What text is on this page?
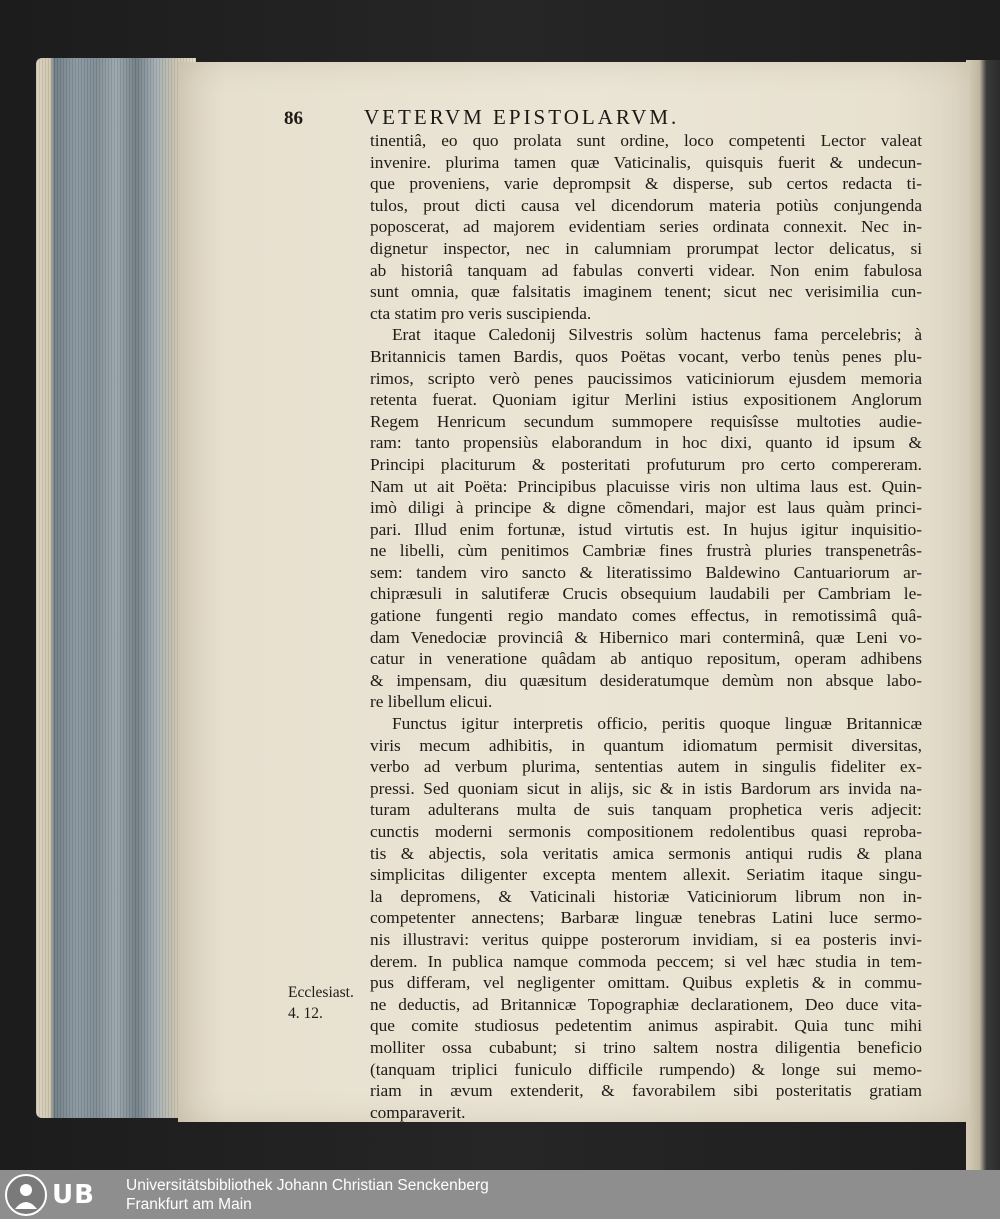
86	VETERVM EPISTOLARVM.
tinentiâ, eo quo prolata sunt ordine, loco competenti Lector valeat
invenire. plurima tamen quæ Vaticinalis, quisquis fuerit & undecun-
que proveniens, varie deprompsit & disperse, sub certos redacta ti-
tulos, prout dicti causa vel dicendorum materia potiùs conjungenda
poposcerat, ad majorem evidentiam series ordinata connexit. Nec in-
dignetur inspector, nec in calumniam prorumpat lector delicatus, si
ab historiâ tanquam ad fabulas converti videar. Non enim fabulosa
sunt omnia, quæ falsitatis imaginem tenent; sicut nec verisimilia cun-
cta statim pro veris suscipienda.
Erat itaque Caledonij Silvestris solùm hactenus fama percelebris; à
Britannicis tamen Bardis, quos Poëtas vocant, verbo tenùs penes plu-
rimos, scripto verò penes paucissimos vaticiniorum ejusdem memoria
retenta fuerat. Quoniam igitur Merlini istius expositionem Anglorum
Regem Henricum secundum summopere requisîsse multoties audie-
ram: tanto propensiùs elaborandum in hoc dixi, quanto id ipsum &
Principi placiturum & posteritati profuturum pro certo compereram.
Nam ut ait Poëta: Principibus placuisse viris non ultima laus est. Quin-
imò diligi à principe & digne cõmendari, major est laus quàm princi-
pari. Illud enim fortunæ, istud virtutis est. In hujus igitur inquisitio-
ne libelli, cùm penitimos Cambriæ fines frustrà pluries transpenetrâs-
sem: tandem viro sancto & literatissimo Baldewino Cantuariorum ar-
chipræsuli in salutiferæ Crucis obsequium laudabili per Cambriam le-
gatione fungenti regio mandato comes effectus, in remotissimâ quâ-
dam Venedociæ provinciâ & Hibernico mari conterminâ, quæ Leni vo-
catur in veneratione quâdam ab antiquo repositum, operam adhibens
& impensam, diu quæsitum desideratumque demùm non absque labo-
re libellum elicui.
Functus igitur interpretis officio, peritis quoque linguæ Britannicæ
viris mecum adhibitis, in quantum idiomatum permisit diversitas,
verbo ad verbum plurima, sententias autem in singulis fideliter ex-
pressi. Sed quoniam sicut in alijs, sic & in istis Bardorum ars invida na-
turam adulterans multa de suis tanquam prophetica veris adjecit:
cunctis moderni sermonis compositionem redolentibus quasi reproba-
tis & abjectis, sola veritatis amica sermonis antiqui rudis & plana
simplicitas diligenter excepta mentem allexit. Seriatim itaque singu-
la depromens, & Vaticinali historiæ Vaticiniorum librum non in-
competenter annectens; Barbaræ linguæ tenebras Latini luce sermo-
nis illustravi: veritus quippe posterorum invidiam, si ea posteris invi-
derem. In publica namque commoda peccem; si vel hæc studia in tem-
pus differam, vel negligenter omittam. Quibus expletis & in commu-
ne deductis, ad Britannicæ Topographiæ declarationem, Deo duce vita-
que comite studiosus pedetentim animus aspirabit. Quia tunc mihi
molliter ossa cubabunt; si trino saltem nostra diligentia beneficio
(tanquam triplici funiculo difficile rumpendo) & longe sui memo-
riam in ævum extenderit, & favorabilem sibi posteritatis gratiam
comparaverit.
Ecclesiast.
4. 12.
UB Universitätsbibliothek Johann Christian Senckenberg
Frankfurt am Main
